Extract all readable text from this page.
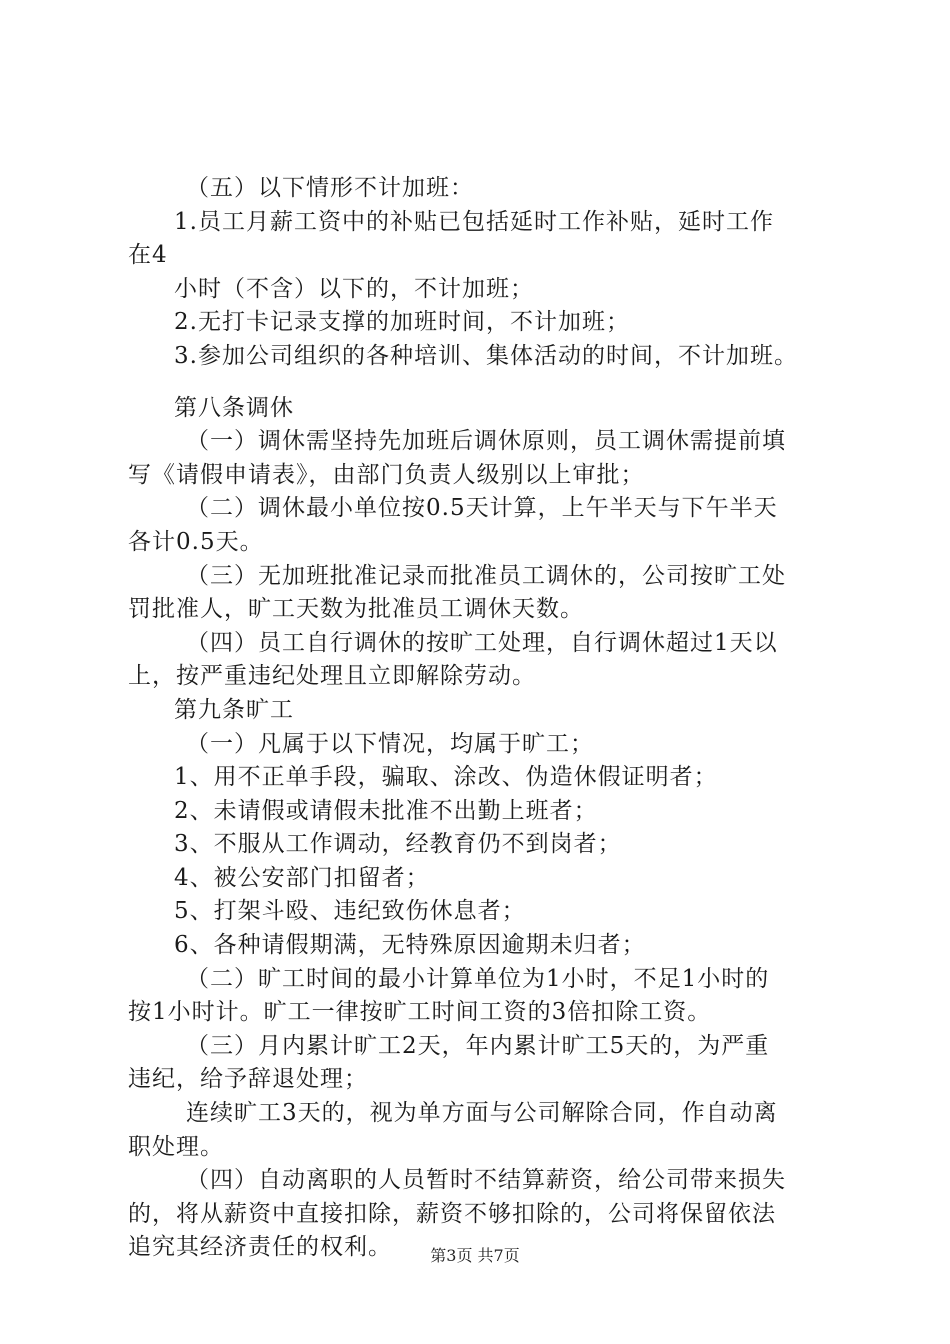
（五）以下情形不计加班：
1.员工月薪工资中的补贴已包括延时工作补贴，延时工作
在4
小时（不含）以下的，不计加班；
2.无打卡记录支撑的加班时间，不计加班；
3.参加公司组织的各种培训、集体活动的时间，不计加班。
第八条调休
（一）调休需坚持先加班后调休原则，员工调休需提前填
写《请假申请表》，由部门负责人级别以上审批；
（二）调休最小单位按0.5天计算，上午半天与下午半天
各计0.5天。
（三）无加班批准记录而批准员工调休的，公司按旷工处
罚批准人，旷工天数为批准员工调休天数。
（四）员工自行调休的按旷工处理，自行调休超过1天以
上，按严重违纪处理且立即解除劳动。
第九条旷工
（一）凡属于以下情况，均属于旷工；
1、用不正单手段，骗取、涂改、伪造休假证明者；
2、未请假或请假未批准不出勤上班者；
3、不服从工作调动，经教育仍不到岗者；
4、被公安部门扣留者；
5、打架斗殴、违纪致伤休息者；
6、各种请假期满，无特殊原因逾期未归者；
（二）旷工时间的最小计算单位为1小时，不足1小时的
按1小时计。旷工一律按旷工时间工资的3倍扣除工资。
（三）月内累计旷工2天，年内累计旷工5天的，为严重
违纪，给予辞退处理；
连续旷工3天的，视为单方面与公司解除合同，作自动离
职处理。
（四）自动离职的人员暂时不结算薪资，给公司带来损失
的，将从薪资中直接扣除，薪资不够扣除的，公司将保留依法
追究其经济责任的权利。	第3页 共7页
